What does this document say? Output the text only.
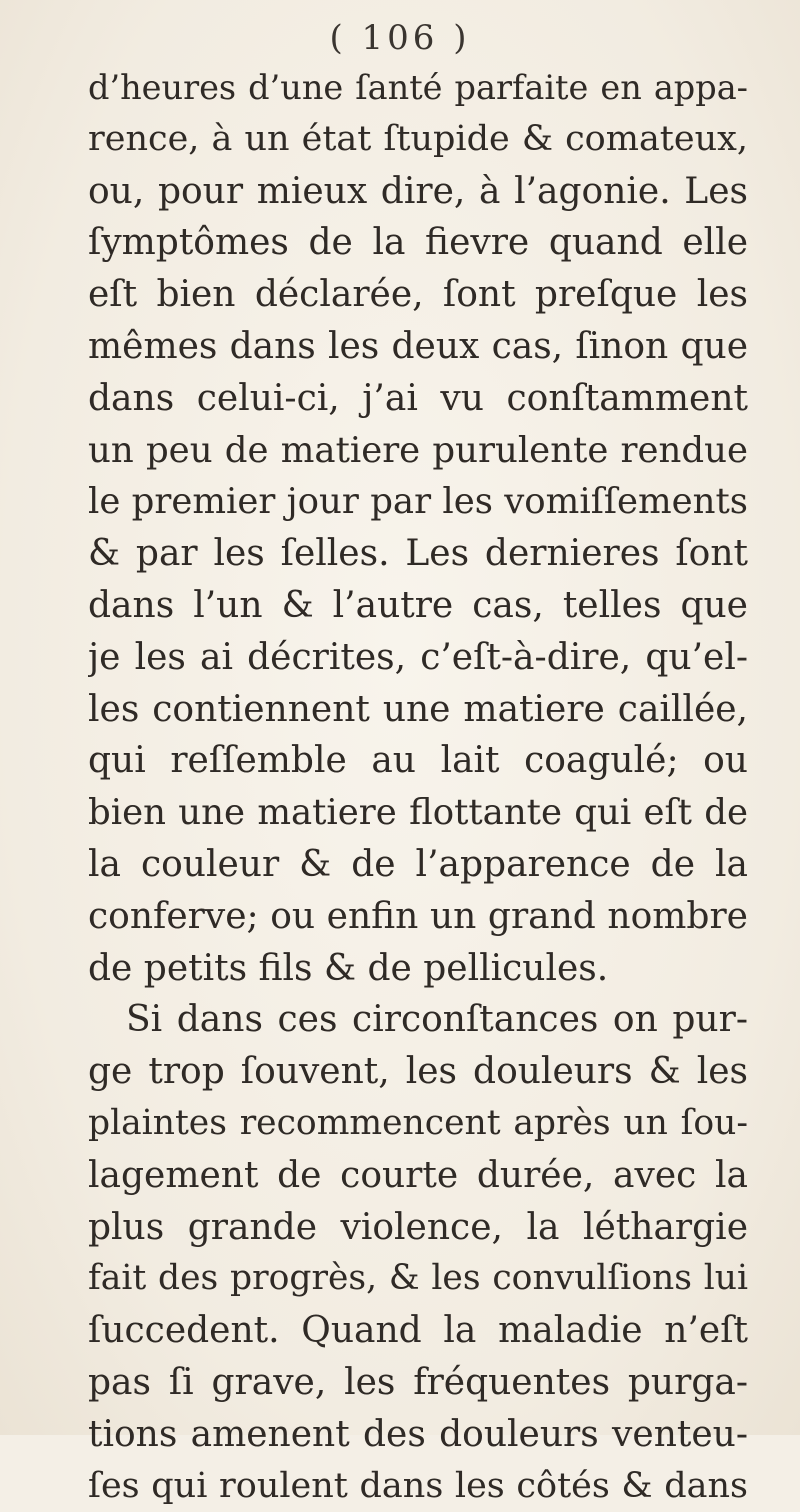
( 106 )
d’heures d’une ſanté parfaite en appa-
rence, à un état ſtupide & comateux,
ou, pour mieux dire, à l’agonie. Les
ſymptômes de la fievre quand elle
eſt bien déclarée, ſont preſque les
mêmes dans les deux cas, ſinon que
dans celui-ci, j’ai vu conſtamment
un peu de matiere purulente rendue
le premier jour par les vomiſſements
& par les ſelles. Les dernieres ſont
dans l’un & l’autre cas, telles que
je les ai décrites, c’eſt-à-dire, qu’el-
les contiennent une matiere caillée,
qui reſſemble au lait coagulé; ou
bien une matiere flottante qui eſt de
la couleur & de l’apparence de la
conferve; ou enfin un grand nombre
de petits fils & de pellicules.
Si dans ces circonſtances on pur-
ge trop ſouvent, les douleurs & les
plaintes recommencent après un ſou-
lagement de courte durée, avec la
plus grande violence, la léthargie
fait des progrès, & les convulſions lui
ſuccedent. Quand la maladie n’eſt
pas ſi grave, les fréquentes purga-
tions amenent des douleurs venteu-
ſes qui roulent dans les côtés & dans
